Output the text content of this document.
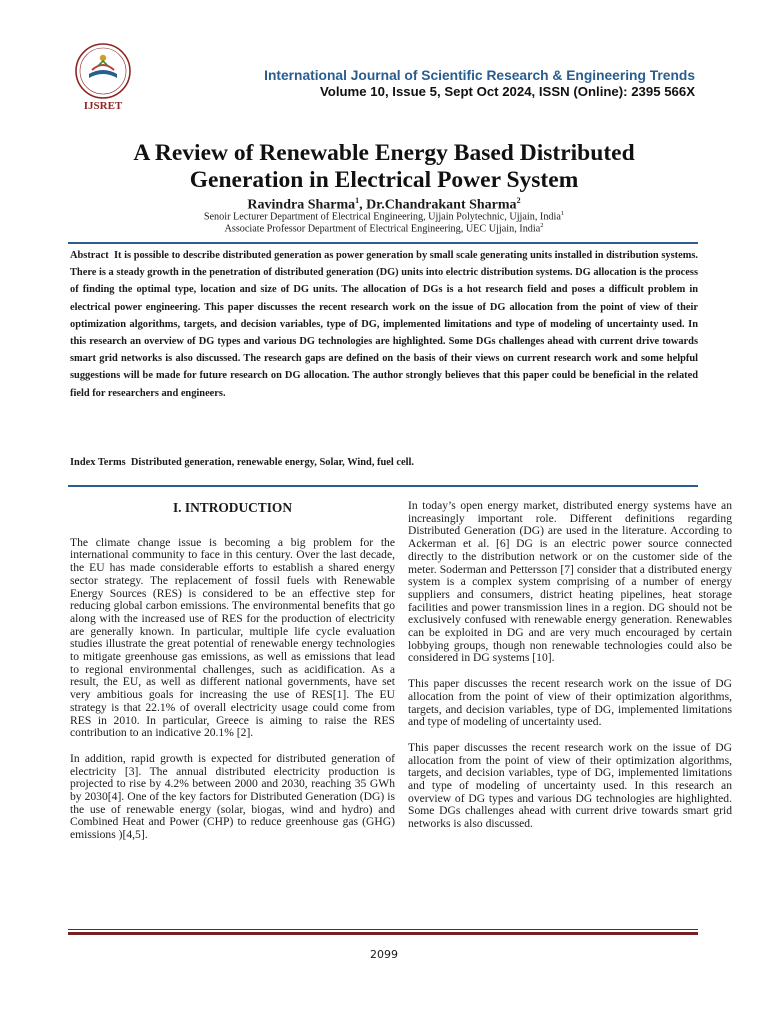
IJSRET
International Journal of Scientific Research & Engineering Trends
Volume 10, Issue 5, Sept Oct 2024, ISSN (Online): 2395 566X
A Review of Renewable Energy Based Distributed
Generation in Electrical Power System
Ravindra Sharma$^1$, Dr.Chandrakant Sharma$^2$
Senoir Lecturer Department of Electrical Engineering, Ujjain Polytechnic, Ujjain, India$^1$
Associate Professor Department of Electrical Engineering, UEC Ujjain, India$^2$
Abstract It is possible to describe distributed generation as power generation by small scale generating units installed in distribution systems. There is a steady growth in the penetration of distributed generation (DG) units into electric distribution systems. DG allocation is the process of finding the optimal type, location and size of DG units. The allocation of DGs is a hot research field and poses a difficult problem in electrical power engineering. This paper discusses the recent research work on the issue of DG allocation from the point of view of their optimization algorithms, targets, and decision variables, type of DG, implemented limitations and type of modeling of uncertainty used. In this research an overview of DG types and various DG technologies are highlighted. Some DGs challenges ahead with current drive towards smart grid networks is also discussed. The research gaps are defined on the basis of their views on current research work and some helpful suggestions will be made for future research on DG allocation. The author strongly believes that this paper could be beneficial in the related field for researchers and engineers.
Index Terms Distributed generation, renewable energy, Solar, Wind, fuel cell.
I. INTRODUCTION

The climate change issue is becoming a big problem for the international community to face in this century. Over the last decade, the EU has made considerable efforts to establish a shared energy sector strategy. The replacement of fossil fuels with Renewable Energy Sources (RES) is considered to be an effective step for reducing global carbon emissions. The environmental benefits that go along with the increased use of RES for the production of electricity are generally known. In particular, multiple life cycle evaluation studies illustrate the great potential of renewable energy technologies to mitigate greenhouse gas emissions, as well as emissions that lead to regional environmental challenges, such as acidification. As a result, the EU, as well as different national governments, have set very ambitious goals for increasing the use of RES[1]. The EU strategy is that 22.1% of overall electricity usage could come from RES in 2010. In particular, Greece is aiming to raise the RES contribution to an indicative 20.1% [2].

In addition, rapid growth is expected for distributed generation of electricity [3]. The annual distributed electricity production is projected to rise by 4.2% between 2000 and 2030, reaching 35 GWh by 2030[4]. One of the key factors for Distributed Generation (DG) is the use of renewable energy (solar, biogas, wind and hydro) and Combined Heat and Power (CHP) to reduce greenhouse gas (GHG) emissions )[4,5].

In today’s open energy market, distributed energy systems have an increasingly important role. Different definitions regarding Distributed Generation (DG) are used in the literature. According to Ackerman et al. [6] DG is an electric power source connected directly to the distribution network or on the customer side of the meter. Soderman and Pettersson [7] consider that a distributed energy system is a complex system comprising of a number of energy suppliers and consumers, district heating pipelines, heat storage facilities and power transmission lines in a region. DG should not be exclusively confused with renewable energy generation. Renewables can be exploited in DG and are very much encouraged by certain lobbying groups, though non renewable technologies could also be considered in DG systems [10].

This paper discusses the recent research work on the issue of DG allocation from the point of view of their optimization algorithms, targets, and decision variables, type of DG, implemented limitations and type of modeling of uncertainty used.

This paper discusses the recent research work on the issue of DG allocation from the point of view of their optimization algorithms, targets, and decision variables, type of DG, implemented limitations and type of modeling of uncertainty used. In this research an overview of DG types and various DG technologies are highlighted. Some DGs challenges ahead with current drive towards smart grid networks is also discussed.

2099
